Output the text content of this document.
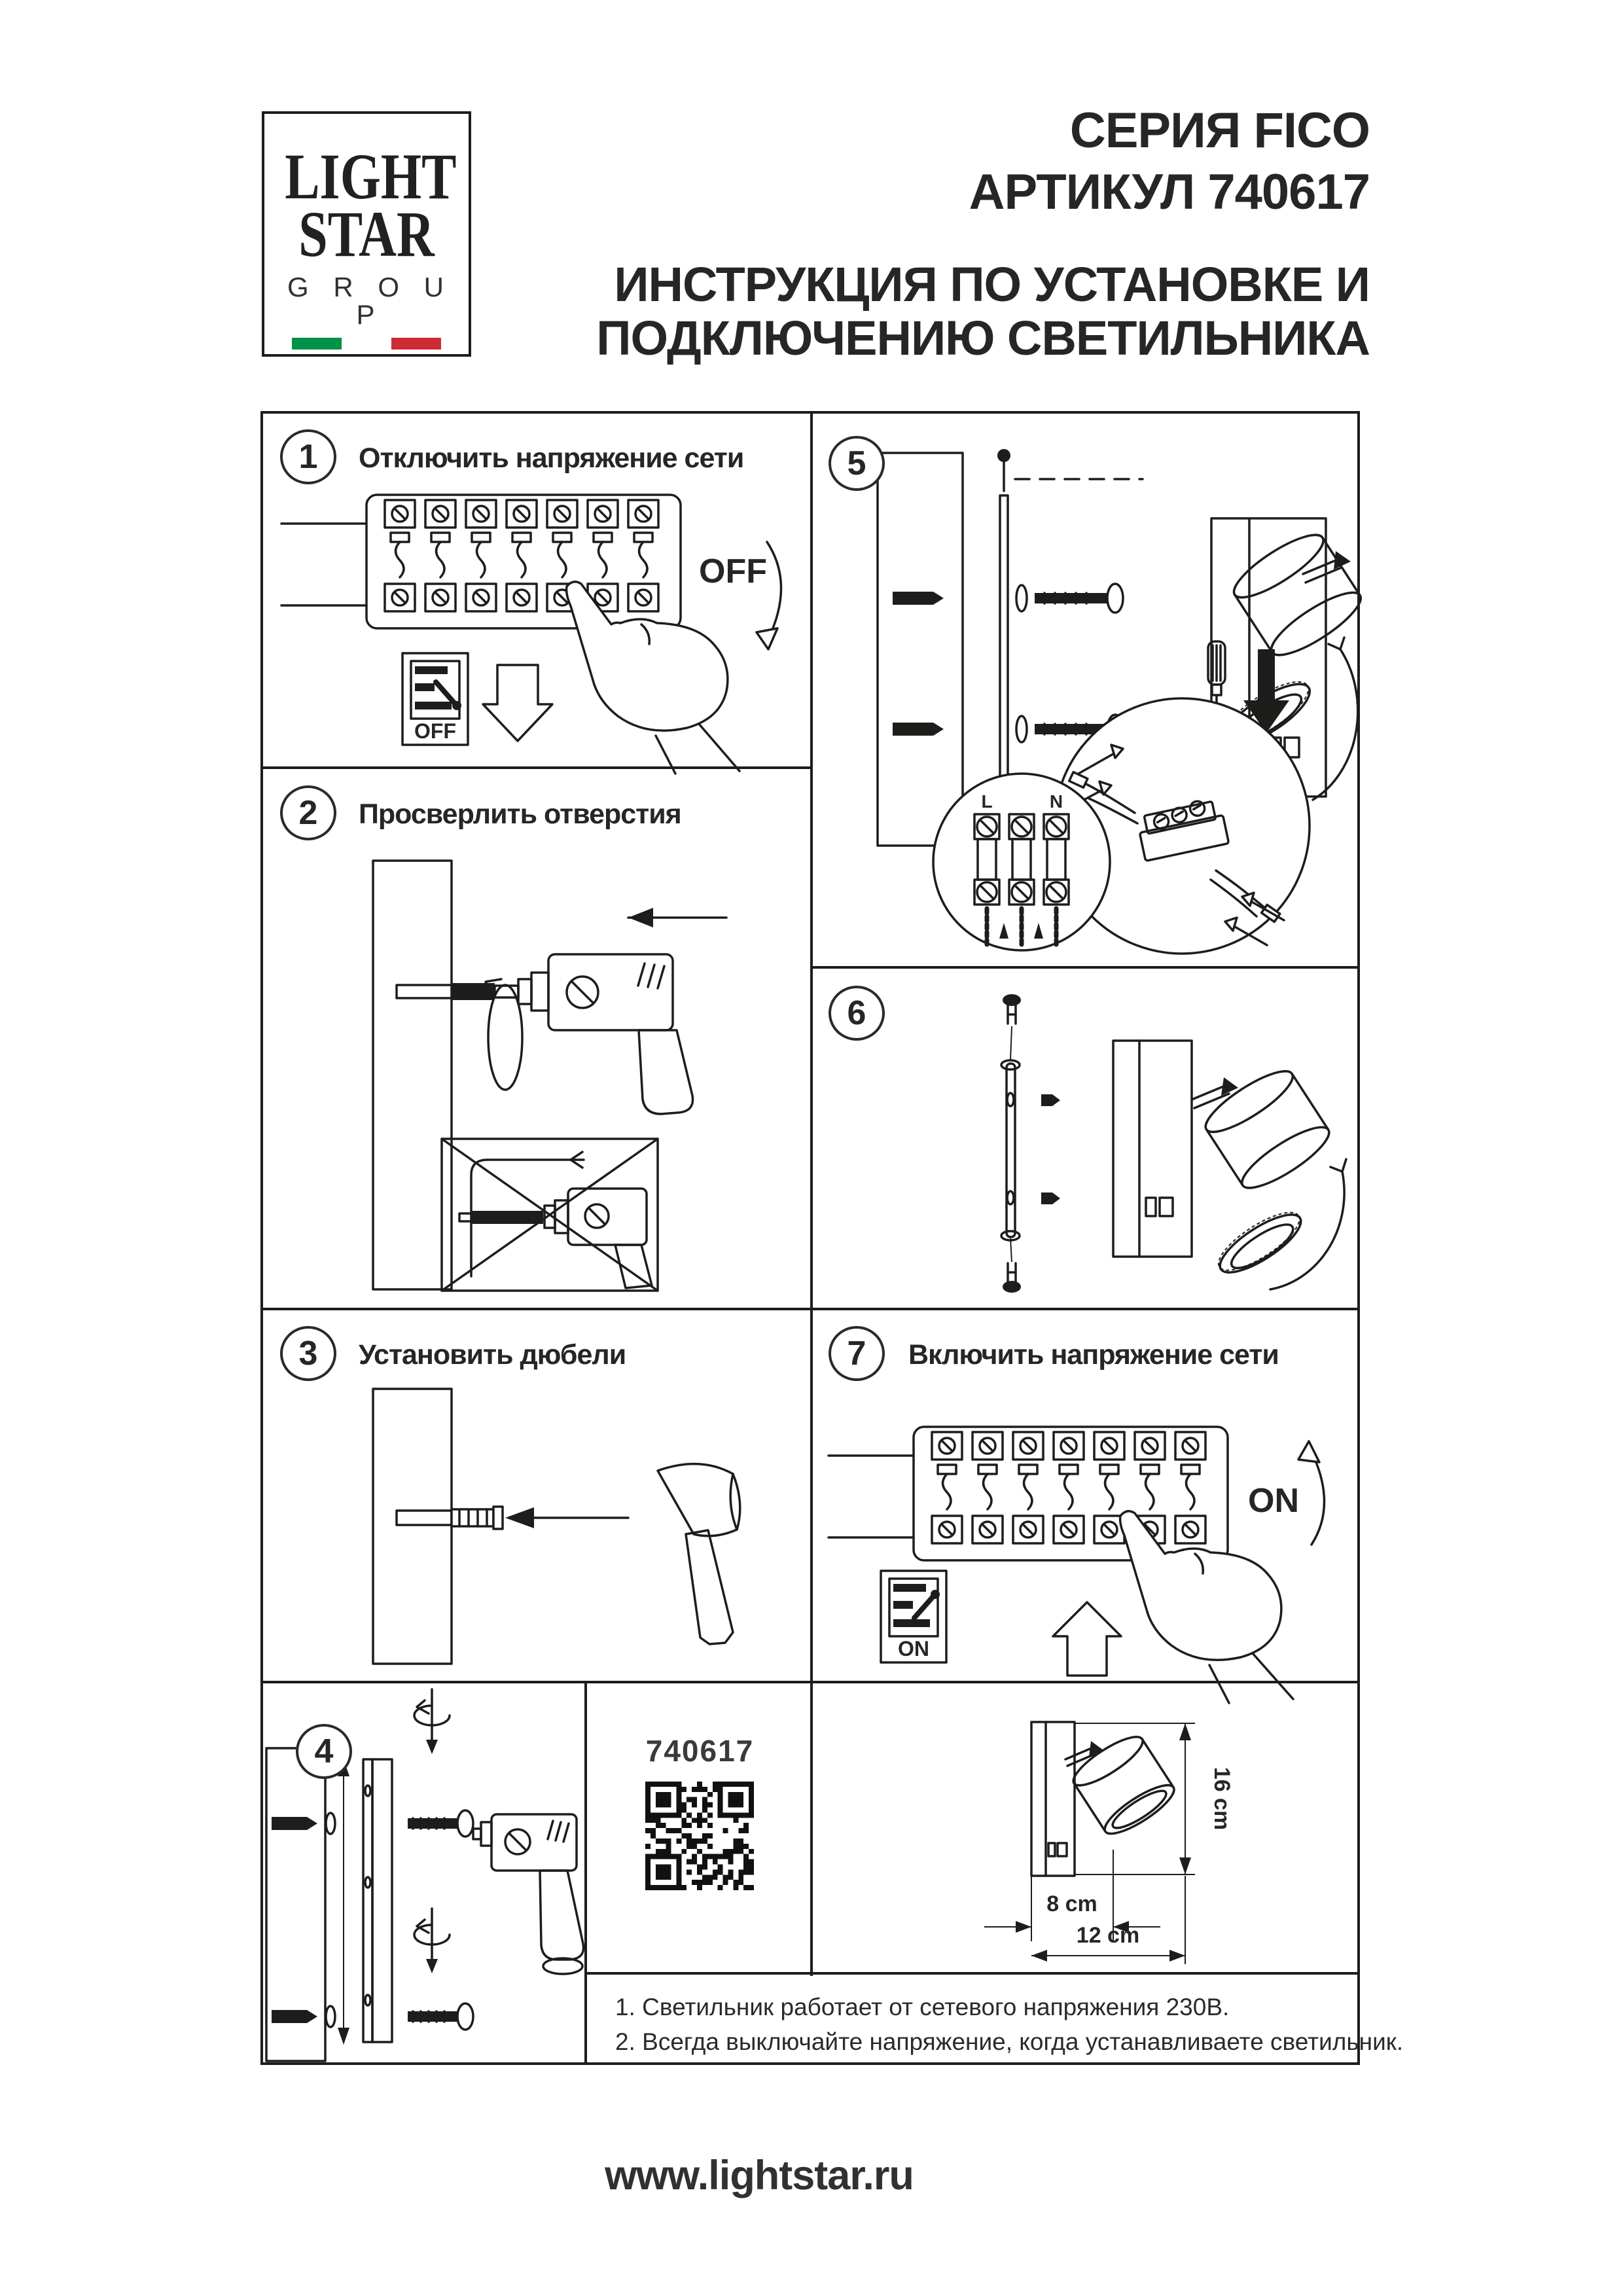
LIGHT
STAR
G R O U P
СЕРИЯ FICO
АРТИКУЛ 740617
ИНСТРУКЦИЯ ПО УСТАНОВКЕ И
ПОДКЛЮЧЕНИЮ СВЕТИЛЬНИКА
1	Отключить напряжение сети
2	Просверлить отверстия
3	Установить дюбели
4
5
6
7	Включить напряжение сети
OFF
OFF
L	N
ON
ON
740617
16 cm
8 cm
12 cm
1. Светильник работает от сетевого напряжения 230В.
2. Всегда выключайте напряжение, когда устанавливаете светильник.
www.lightstar.ru
